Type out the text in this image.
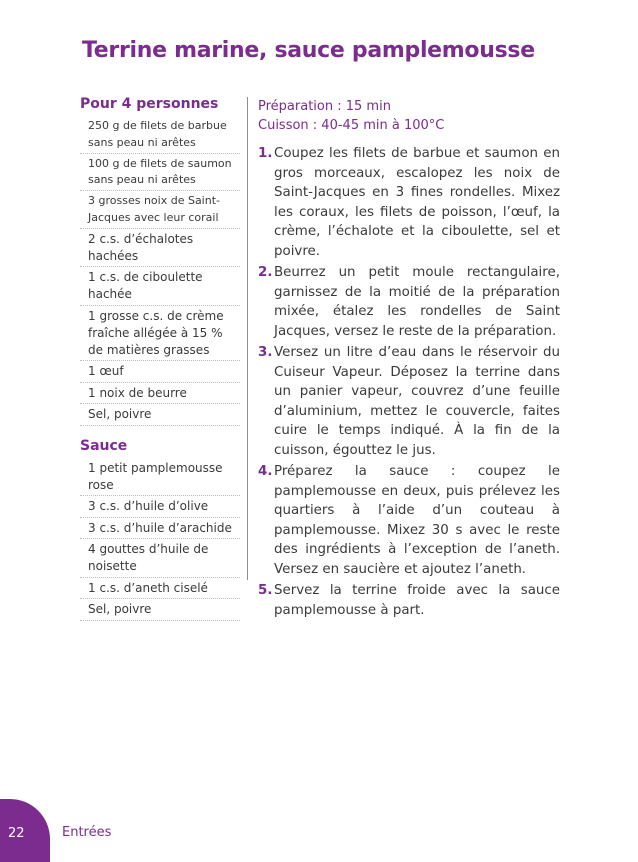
Terrine marine, sauce pamplemousse
Pour 4 personnes
250 g de filets de barbue sans peau ni arêtes
100 g de filets de saumon sans peau ni arêtes
3 grosses noix de Saint-Jacques avec leur corail
2 c.s. d’échalotes hachées
1 c.s. de ciboulette hachée
1 grosse c.s. de crème fraîche allégée à 15 % de matières grasses
1 œuf
1 noix de beurre
Sel, poivre
Sauce
1 petit pamplemousse rose
3 c.s. d’huile d’olive
3 c.s. d’huile d’arachide
4 gouttes d’huile de noisette
1 c.s. d’aneth ciselé
Sel, poivre
Préparation : 15 min
Cuisson : 40-45 min à 100°C
1. Coupez les filets de barbue et saumon en gros morceaux, escalopez les noix de Saint-Jacques en 3 fines rondelles. Mixez les coraux, les filets de poisson, l’œuf, la crème, l’échalote et la ciboulette, sel et poivre.
2. Beurrez un petit moule rectangulaire, garnissez de la moitié de la préparation mixée, étalez les rondelles de Saint Jacques, versez le reste de la préparation.
3. Versez un litre d’eau dans le réservoir du Cuiseur Vapeur. Déposez la terrine dans un panier vapeur, couvrez d’une feuille d’aluminium, mettez le couvercle, faites cuire le temps indiqué. À la fin de la cuisson, égouttez le jus.
4. Préparez la sauce : coupez le pamplemousse en deux, puis prélevez les quartiers à l’aide d’un couteau à pamplemousse. Mixez 30 s avec le reste des ingrédients à l’exception de l’aneth. Versez en saucière et ajoutez l’aneth.
5. Servez la terrine froide avec la sauce pamplemousse à part.
22	Entrées
